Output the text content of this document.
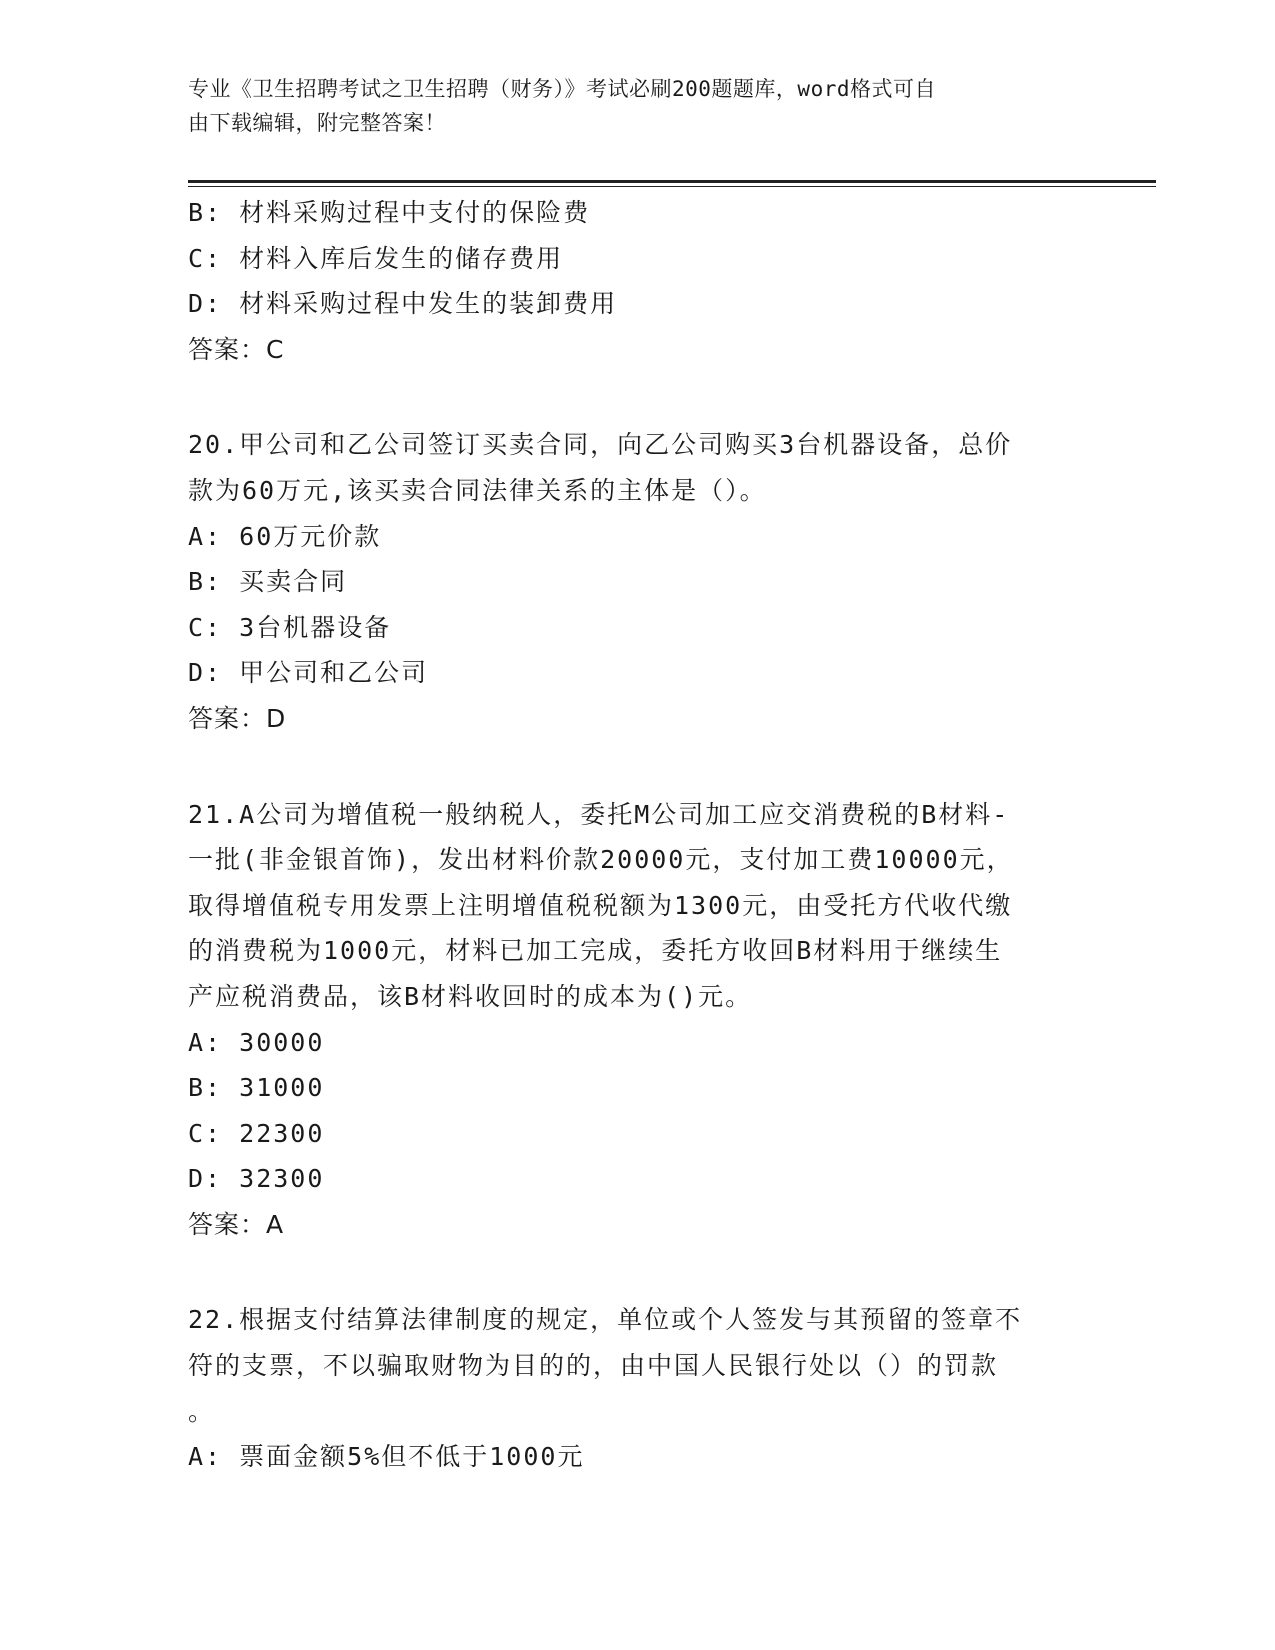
专业《卫生招聘考试之卫生招聘（财务）》考试必刷200题题库，word格式可自
由下载编辑，附完整答案！
B: 材料采购过程中支付的保险费
C: 材料入库后发生的储存费用
D: 材料采购过程中发生的装卸费用
答案：C
20.甲公司和乙公司签订买卖合同，向乙公司购买3台机器设备，总价
款为60万元,该买卖合同法律关系的主体是（）。
A: 60万元价款
B: 买卖合同
C: 3台机器设备
D: 甲公司和乙公司
答案：D
21.A公司为增值税一般纳税人，委托M公司加工应交消费税的B材料-
一批(非金银首饰)，发出材料价款20000元，支付加工费10000元，
取得增值税专用发票上注明增值税税额为1300元，由受托方代收代缴
的消费税为1000元，材料已加工完成，委托方收回B材料用于继续生
产应税消费品，该B材料收回时的成本为()元。
A: 30000
B: 31000
C: 22300
D: 32300
答案：A
22.根据支付结算法律制度的规定，单位或个人签发与其预留的签章不
符的支票，不以骗取财物为目的的，由中国人民银行处以（）的罚款
。
A: 票面金额5%但不低于1000元
